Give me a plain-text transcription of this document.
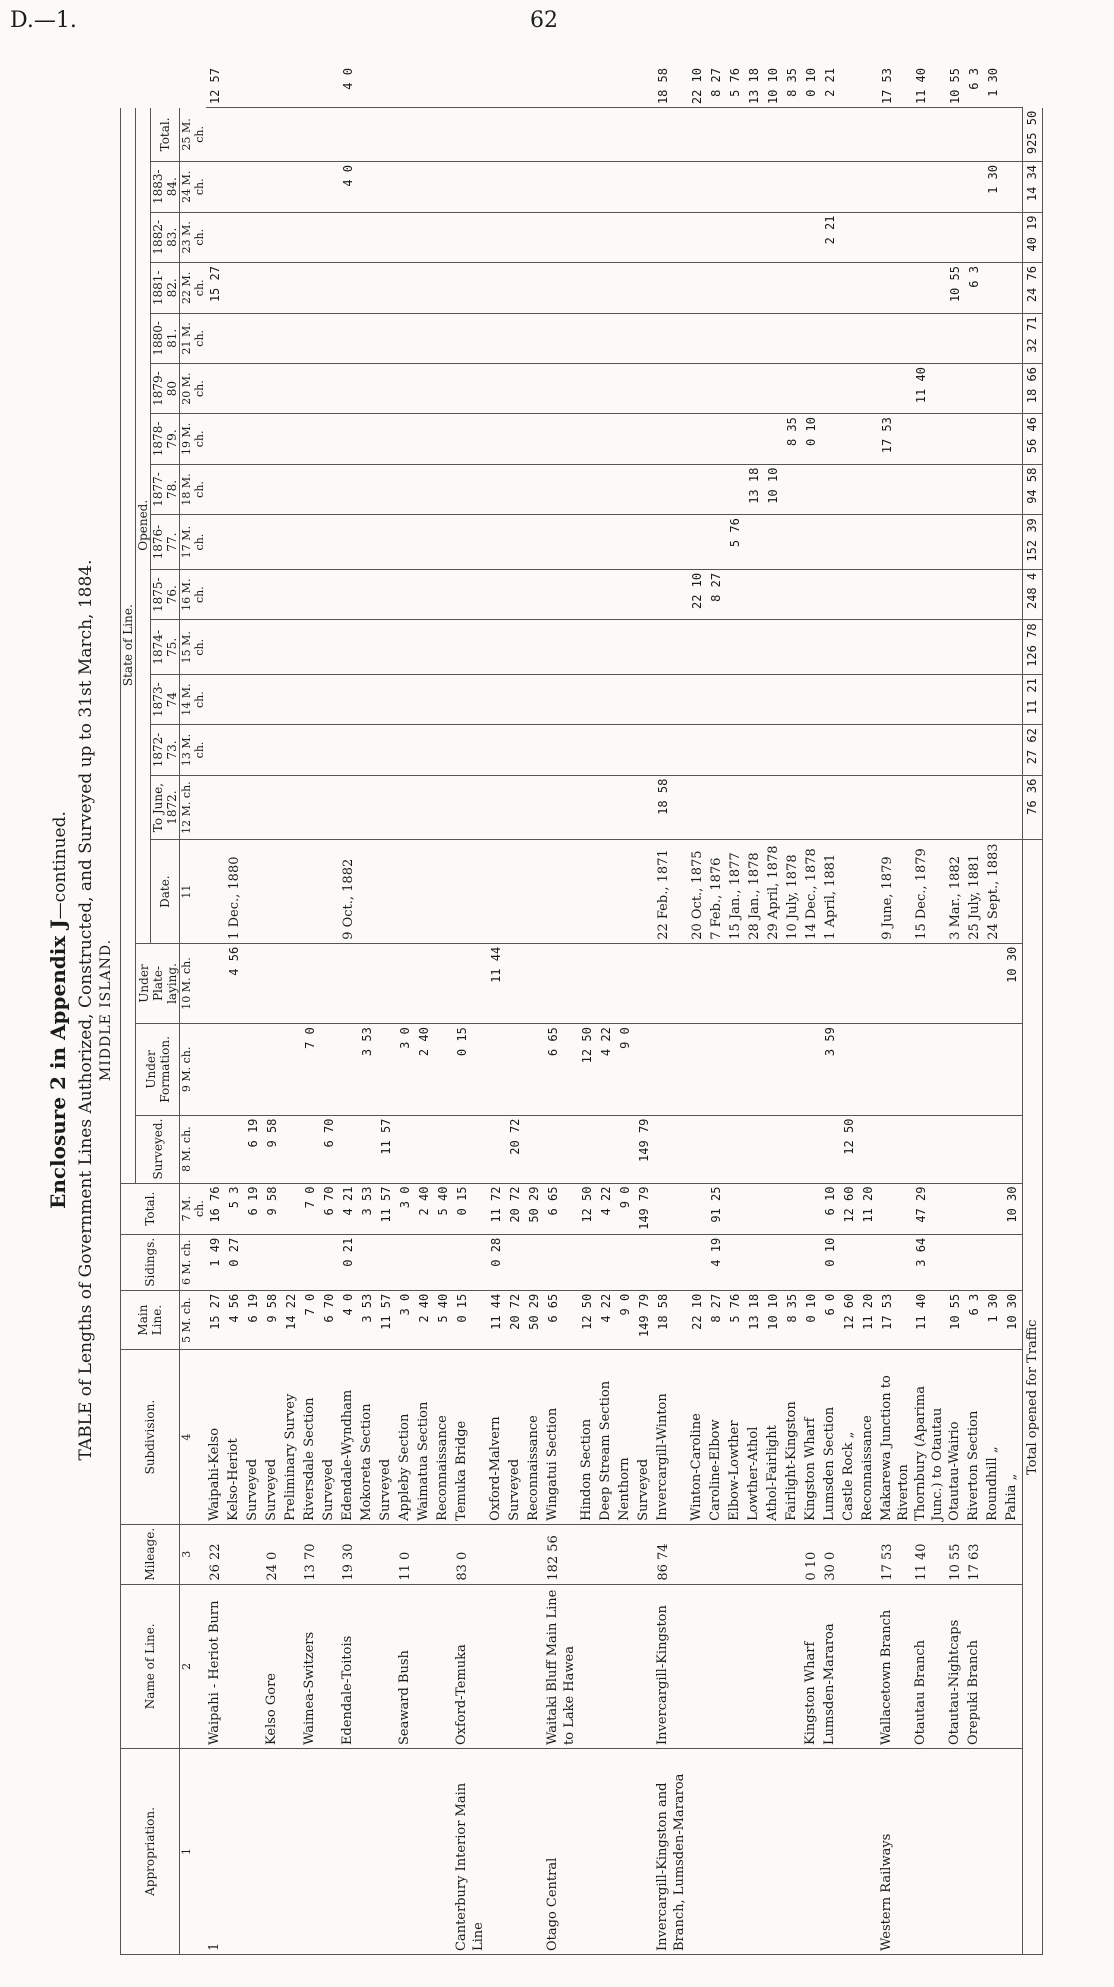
D.—1.	62
Enclosure 2 in Appendix J—continued. TABLE of Lengths of Government Lines Authorized, Constructed, and Surveyed up to 31st March, 1884. MIDDLE ISLAND.
Appropriation.	Name of Line.	Mileage.	Subdivision.	Main Line.	Sidings.	Total.	State of Line.																		
							Surveyed.	Under Formation.	Under Plate-laying.	Opened.															
										Date.	To June, 1872.	1872-73.	1873-74	1874-75.	1875-76.	1876-77.	1877-78.	1878-79.	1879-80	1880-81.	1881-82.	1882-83.	1883-84.	Total.	
1	2	3	4	5 M. ch.	6 M. ch.	7 M. ch.	8 M. ch.	9 M. ch.	10 M. ch.	11	12 M. ch.	13 M. ch.	14 M. ch.	15 M. ch.	16 M. ch.	17 M. ch.	18 M. ch.	19 M. ch.	20 M. ch.	21 M. ch.	22 M. ch.	23 M. ch.	24 M. ch.	25 M. ch.	
1	Waipahi - Heriot Burn	26 22	Waipahi-Kelso	15 27	1 49	16 76															15 27				12 57
			Kelso-Heriot	4 56	0 27	5 3			4 56	1 Dec., 1880															
			Surveyed	6 19		6 19	6 19																		
	Kelso Gore	24 0	Surveyed	9 58		9 58	9 58																		
			Preliminary Survey	14 22																					
	Waimea-Switzers	13 70	Riversdale Section	7 0		7 0		7 0																	
			Surveyed	6 70		6 70	6 70																		
	Edendale-Toitois	19 30	Edendale-Wyndham	4 0	0 21	4 21				9 Oct., 1882													4 0		4 0
			Mokoreta Section	3 53		3 53		3 53																	
			Surveyed	11 57		11 57	11 57																		
	Seaward Bush	11 0	Appleby Section	3 0		3 0		3 0																	
			Waimatua Section	2 40		2 40		2 40																	
			Reconnaissance	5 40		5 40																			
Canterbury Interior Main Line	Oxford-Temuka	83 0	Temuka Bridge	0 15		0 15		0 15																	
			Oxford-Malvern	11 44	0 28	11 72			11 44																
			Surveyed	20 72		20 72	20 72																		
			Reconnaissance	50 29		50 29																			
Otago Central	Waitaki Bluff Main Line to Lake Hawea	182 56	Wingatui Section	6 65		6 65		6 65																	
			Hindon Section	12 50		12 50		12 50																	
			Deep Stream Section	4 22		4 22		4 22																	
			Nenthorn	9 0		9 0		9 0																	
			Surveyed	149 79		149 79	149 79																		
Invercargill-Kingston and Branch, Lumsden-Mararoa	Invercargill-Kingston	86 74	Invercargill-Winton	18 58						22 Feb., 1871	18 58														18 58
			Winton-Caroline	22 10						20 Oct., 1875					22 10										22 10
			Caroline-Elbow	8 27	4 19	91 25				7 Feb., 1876					8 27										8 27
			Elbow-Lowther	5 76						15 Jan., 1877						5 76									5 76
			Lowther-Athol	13 18						28 Jan., 1878							13 18								13 18
			Athol-Fairlight	10 10						29 April, 1878							10 10								10 10
			Fairlight-Kingston	8 35						10 July, 1878								8 35							8 35
	Kingston Wharf	0 10	Kingston Wharf	0 10						14 Dec., 1878								0 10							0 10
	Lumsden-Mararoa	30 0	Lumsden Section	6 0	0 10	6 10		3 59		1 April, 1881												2 21			2 21
			Castle Rock „	12 60		12 60	12 50																		
			Reconnaissance	11 20		11 20																			
Western Railways	Wallacetown Branch	17 53	Makarewa Junction to Riverton	17 53						9 June, 1879								17 53							17 53
	Otautau Branch	11 40	Thornbury (Aparima Junc.) to Otautau	11 40	3 64	47 29				15 Dec., 1879									11 40						11 40
	Otautau-Nightcaps	10 55	Otautau-Wairio	10 55						3 Mar., 1882											10 55				10 55
	Orepuki Branch	17 63	Riverton Section	6 3						25 July, 1881											6 3				6 3
			Roundhill „	1 30						24 Sept., 1883													1 30		1 30
			Pahia „	10 30		10 30			10 30																
Total opened for Traffic											76 36	27 62	11 21	126 78	248 4	152 39	94 58	56 46	18 66	32 71	24 76	40 19	14 34	925 50	
